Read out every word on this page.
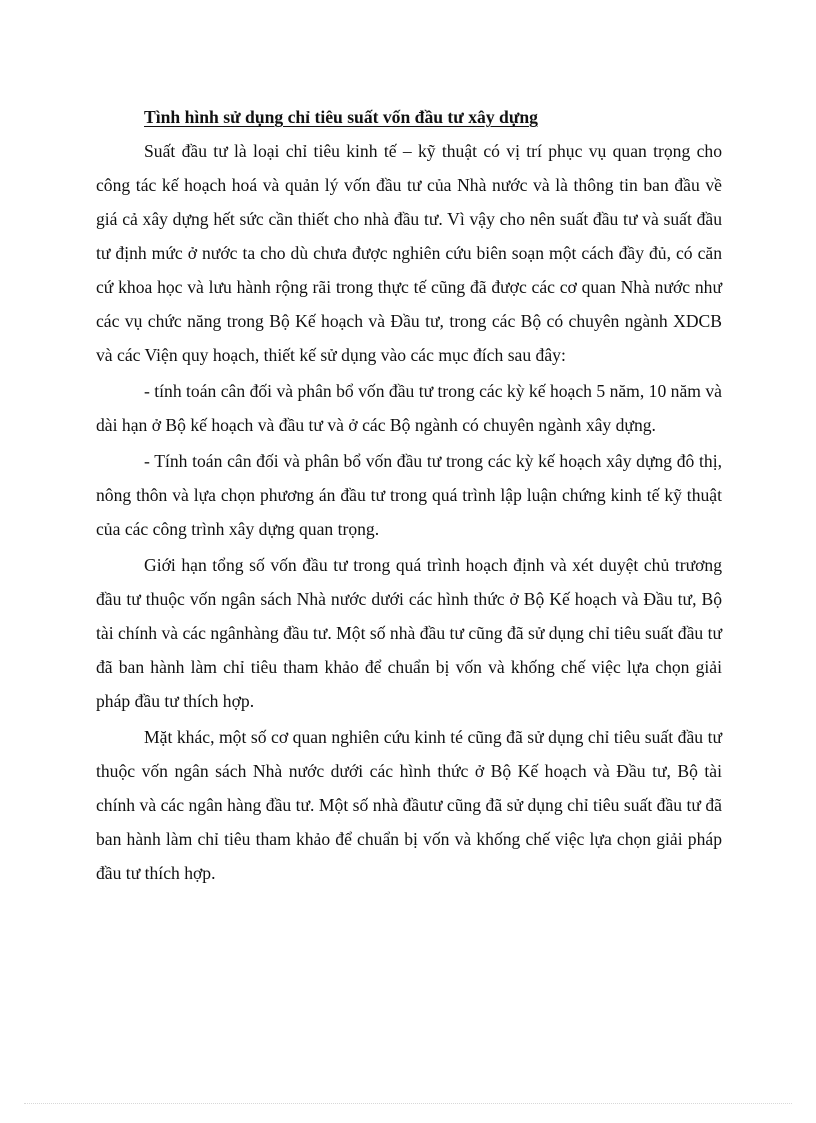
Tình hình sử dụng chỉ tiêu suất vốn đầu tư xây dựng

Suất đầu tư là loại chỉ tiêu kinh tế – kỹ thuật có vị trí phục vụ quan trọng cho công tác kế hoạch hoá và quản lý vốn đầu tư của Nhà nước và là thông tin ban đầu về giá cả xây dựng hết sức cần thiết cho nhà đầu tư. Vì vậy cho nên suất đầu tư và suất đầu tư định mức ở nước ta cho dù chưa được nghiên cứu biên soạn một cách đầy đủ, có căn cứ khoa học và lưu hành rộng rãi trong thực tế cũng đã được các cơ quan Nhà nước như các vụ chức năng trong Bộ Kế hoạch và Đầu tư, trong các Bộ có chuyên ngành XDCB và các Viện quy hoạch, thiết kế sử dụng vào các mục đích sau đây:

- tính toán cân đối và phân bổ vốn đầu tư trong các kỳ kế hoạch 5 năm, 10 năm và dài hạn ở Bộ kế hoạch và đầu tư và ở các Bộ ngành có chuyên ngành xây dựng.

- Tính toán cân đối và phân bổ vốn đầu tư trong các kỳ kế hoạch xây dựng đô thị, nông thôn và lựa chọn phương án đầu tư trong quá trình lập luận chứng kinh tế kỹ thuật của các công trình xây dựng quan trọng.

Giới hạn tổng số vốn đầu tư trong quá trình hoạch định và xét duyệt chủ trương đầu tư thuộc vốn ngân sách Nhà nước dưới các hình thức ở Bộ Kế hoạch và Đầu tư, Bộ tài chính và các ngânhàng đầu tư. Một số nhà đầu tư cũng đã sử dụng chỉ tiêu suất đầu tư đã ban hành làm chỉ tiêu tham khảo để chuẩn bị vốn và khống chế việc lựa chọn giải pháp đầu tư thích hợp.

Mặt khác, một số cơ quan nghiên cứu kinh té cũng đã sử dụng chỉ tiêu suất đầu tư thuộc vốn ngân sách Nhà nước dưới các hình thức ở Bộ Kế hoạch và Đầu tư, Bộ tài chính và các ngân hàng đầu tư. Một số nhà đầutư cũng đã sử dụng chỉ tiêu suất đầu tư đã ban hành làm chỉ tiêu tham khảo để chuẩn bị vốn và khống chế việc lựa chọn giải pháp đầu tư thích hợp.
